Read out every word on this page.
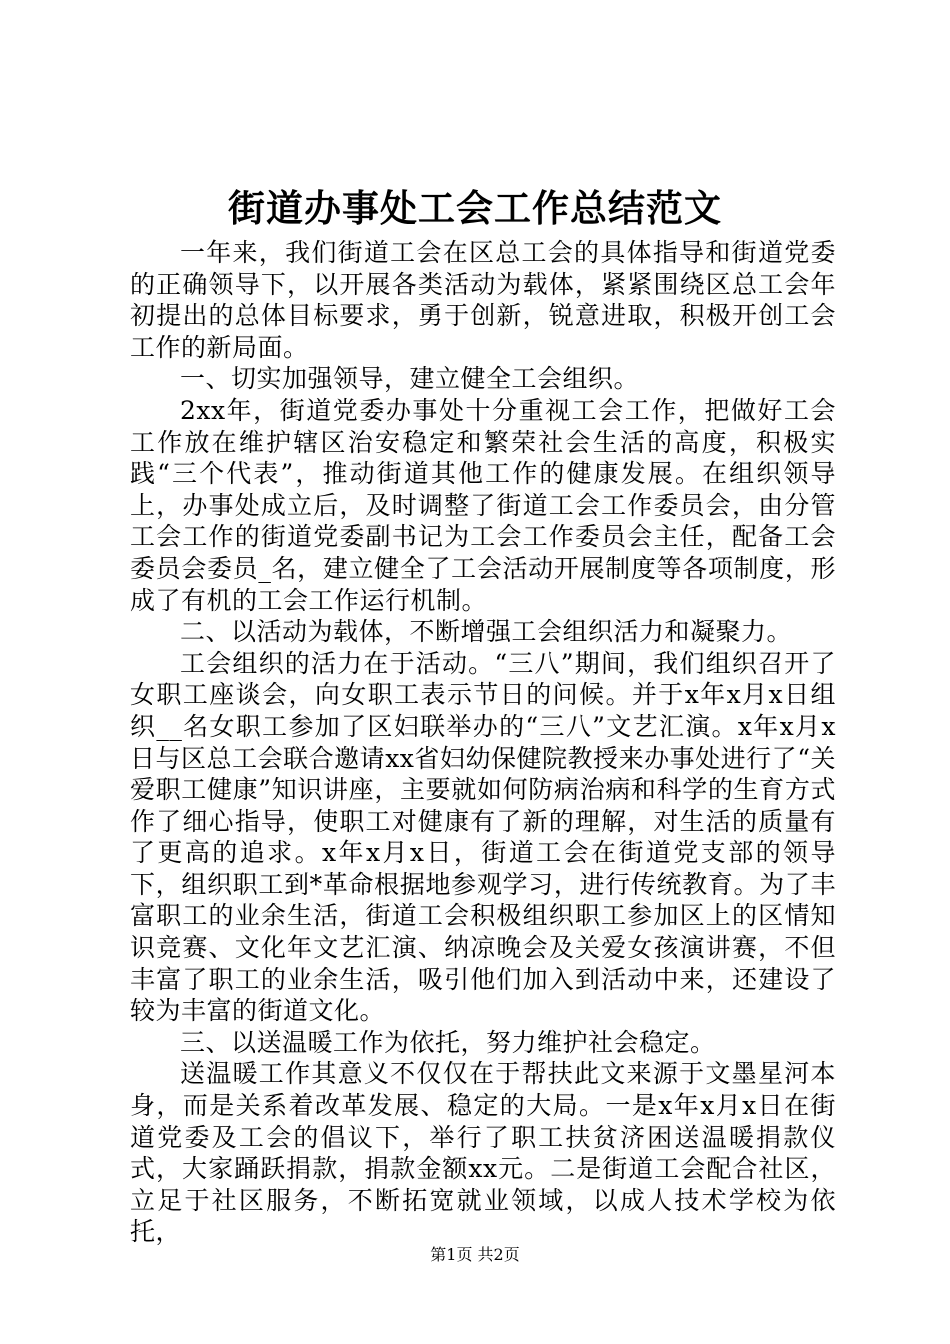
街道办事处工会工作总结范文

一年来，我们街道工会在区总工会的具体指导和街道党委的正确领导下，以开展各类活动为载体，紧紧围绕区总工会年初提出的总体目标要求，勇于创新，锐意进取，积极开创工会工作的新局面。

一、切实加强领导，建立健全工会组织。

2xx年，街道党委办事处十分重视工会工作，把做好工会工作放在维护辖区治安稳定和繁荣社会生活的高度，积极实践“三个代表”，推动街道其他工作的健康发展。在组织领导上，办事处成立后，及时调整了街道工会工作委员会，由分管工会工作的街道党委副书记为工会工作委员会主任，配备工会委员会委员_名，建立健全了工会活动开展制度等各项制度，形成了有机的工会工作运行机制。

二、以活动为载体，不断增强工会组织活力和凝聚力。

工会组织的活力在于活动。“三八”期间，我们组织召开了女职工座谈会，向女职工表示节日的问候。并于x年x月x日组织__名女职工参加了区妇联举办的“三八”文艺汇演。x年x月x日与区总工会联合邀请xx省妇幼保健院教授来办事处进行了“关爱职工健康”知识讲座，主要就如何防病治病和科学的生育方式作了细心指导，使职工对健康有了新的理解，对生活的质量有了更高的追求。x年x月x日，街道工会在街道党支部的领导下，组织职工到*革命根据地参观学习，进行传统教育。为了丰富职工的业余生活，街道工会积极组织职工参加区上的区情知识竞赛、文化年文艺汇演、纳凉晚会及关爱女孩演讲赛，不但丰富了职工的业余生活，吸引他们加入到活动中来，还建设了较为丰富的街道文化。

三、以送温暖工作为依托，努力维护社会稳定。

送温暖工作其意义不仅仅在于帮扶此文来源于文墨星河本身，而是关系着改革发展、稳定的大局。一是x年x月x日在街道党委及工会的倡议下，举行了职工扶贫济困送温暖捐款仪式，大家踊跃捐款，捐款金额xx元。二是街道工会配合社区，立足于社区服务，不断拓宽就业领域，以成人技术学校为依托，

第1页 共2页
